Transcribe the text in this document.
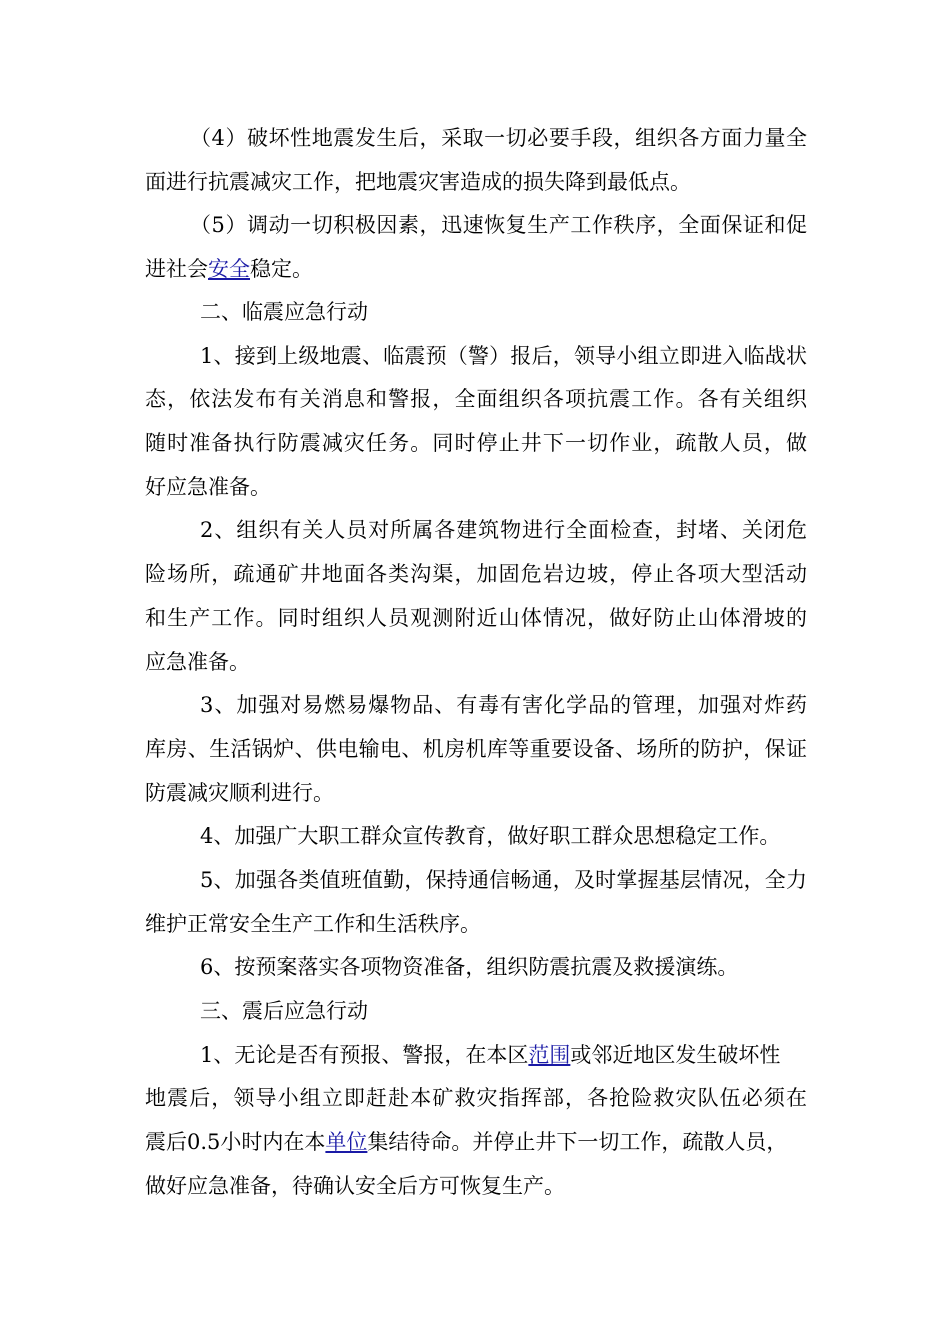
（4）破坏性地震发生后，采取一切必要手段，组织各方面力量全
面进行抗震减灾工作，把地震灾害造成的损失降到最低点。
（5）调动一切积极因素，迅速恢复生产工作秩序，全面保证和促
进社会安全稳定。
二、临震应急行动
1、接到上级地震、临震预（警）报后，领导小组立即进入临战状
态，依法发布有关消息和警报，全面组织各项抗震工作。各有关组织
随时准备执行防震减灾任务。同时停止井下一切作业，疏散人员，做
好应急准备。
2、组织有关人员对所属各建筑物进行全面检查，封堵、关闭危
险场所，疏通矿井地面各类沟渠，加固危岩边坡，停止各项大型活动
和生产工作。同时组织人员观测附近山体情况，做好防止山体滑坡的
应急准备。
3、加强对易燃易爆物品、有毒有害化学品的管理，加强对炸药
库房、生活锅炉、供电输电、机房机库等重要设备、场所的防护，保证
防震减灾顺利进行。
4、加强广大职工群众宣传教育，做好职工群众思想稳定工作。
5、加强各类值班值勤，保持通信畅通，及时掌握基层情况，全力
维护正常安全生产工作和生活秩序。
6、按预案落实各项物资准备，组织防震抗震及救援演练。
三、震后应急行动
1、无论是否有预报、警报，在本区范围或邻近地区发生破坏性
地震后，领导小组立即赶赴本矿救灾指挥部，各抢险救灾队伍必须在
震后0.5小时内在本单位集结待命。并停止井下一切工作，疏散人员，
做好应急准备，待确认安全后方可恢复生产。
